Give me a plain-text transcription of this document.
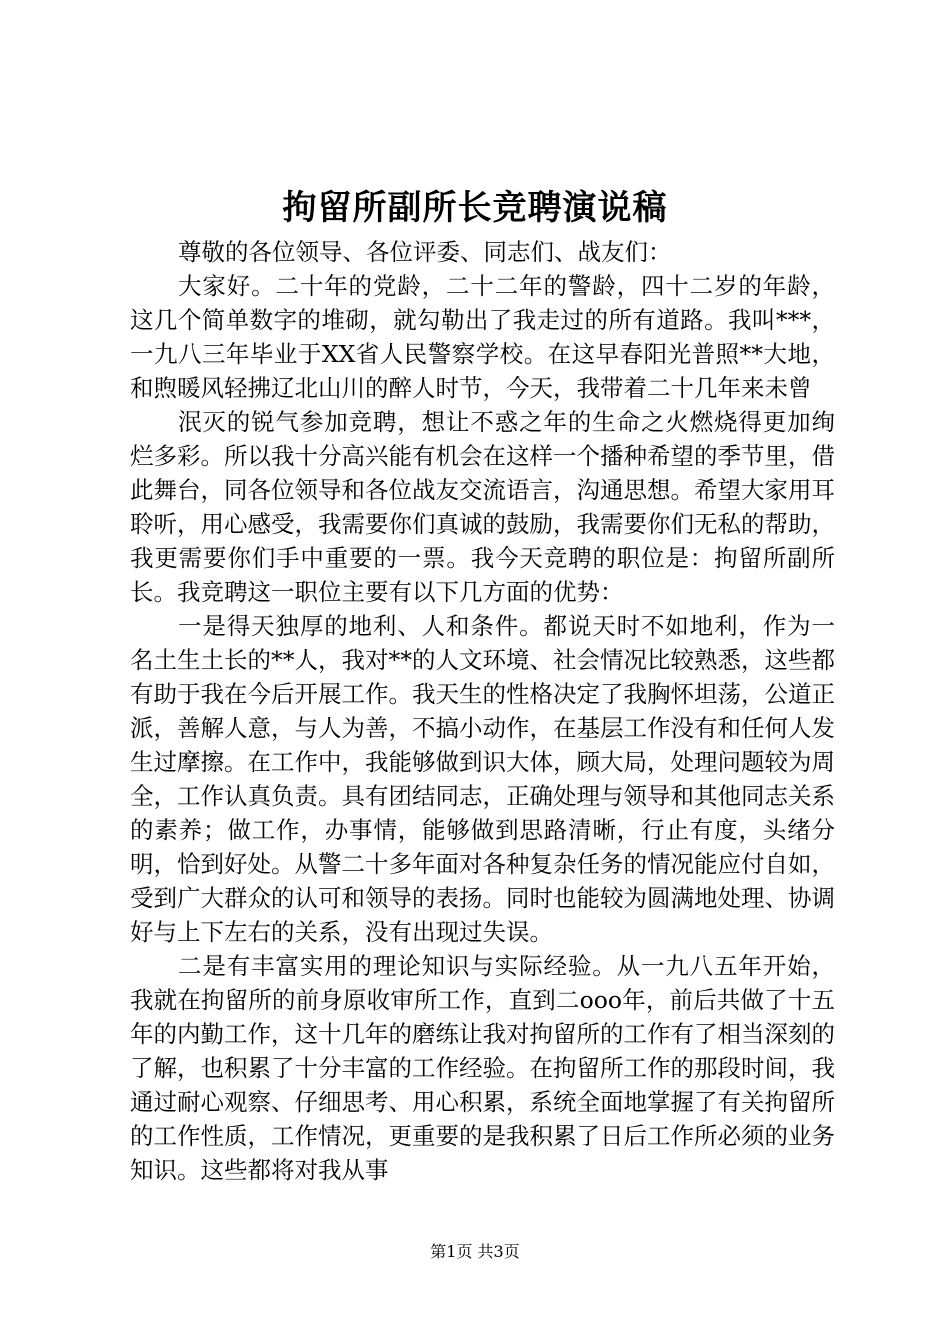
拘留所副所长竞聘演说稿

尊敬的各位领导、各位评委、同志们、战友们：

大家好。二十年的党龄，二十二年的警龄，四十二岁的年龄，这几个简单数字的堆砌，就勾勒出了我走过的所有道路。我叫***，一九八三年毕业于XX省人民警察学校。在这早春阳光普照**大地，和煦暖风轻拂辽北山川的醉人时节，今天，我带着二十几年来未曾

泯灭的锐气参加竞聘，想让不惑之年的生命之火燃烧得更加绚烂多彩。所以我十分高兴能有机会在这样一个播种希望的季节里，借此舞台，同各位领导和各位战友交流语言，沟通思想。希望大家用耳聆听，用心感受，我需要你们真诚的鼓励，我需要你们无私的帮助，我更需要你们手中重要的一票。我今天竞聘的职位是：拘留所副所长。我竞聘这一职位主要有以下几方面的优势：

一是得天独厚的地利、人和条件。都说天时不如地利，作为一名土生土长的**人，我对**的人文环境、社会情况比较熟悉，这些都有助于我在今后开展工作。我天生的性格决定了我胸怀坦荡，公道正派，善解人意，与人为善，不搞小动作，在基层工作没有和任何人发生过摩擦。在工作中，我能够做到识大体，顾大局，处理问题较为周全，工作认真负责。具有团结同志，正确处理与领导和其他同志关系的素养；做工作，办事情，能够做到思路清晰，行止有度，头绪分明，恰到好处。从警二十多年面对各种复杂任务的情况能应付自如，受到广大群众的认可和领导的表扬。同时也能较为圆满地处理、协调好与上下左右的关系，没有出现过失误。

二是有丰富实用的理论知识与实际经验。从一九八五年开始，我就在拘留所的前身原收审所工作，直到二ooo年，前后共做了十五年的内勤工作，这十几年的磨练让我对拘留所的工作有了相当深刻的了解，也积累了十分丰富的工作经验。在拘留所工作的那段时间，我通过耐心观察、仔细思考、用心积累，系统全面地掌握了有关拘留所的工作性质，工作情况，更重要的是我积累了日后工作所必须的业务知识。这些都将对我从事

第1页 共3页
